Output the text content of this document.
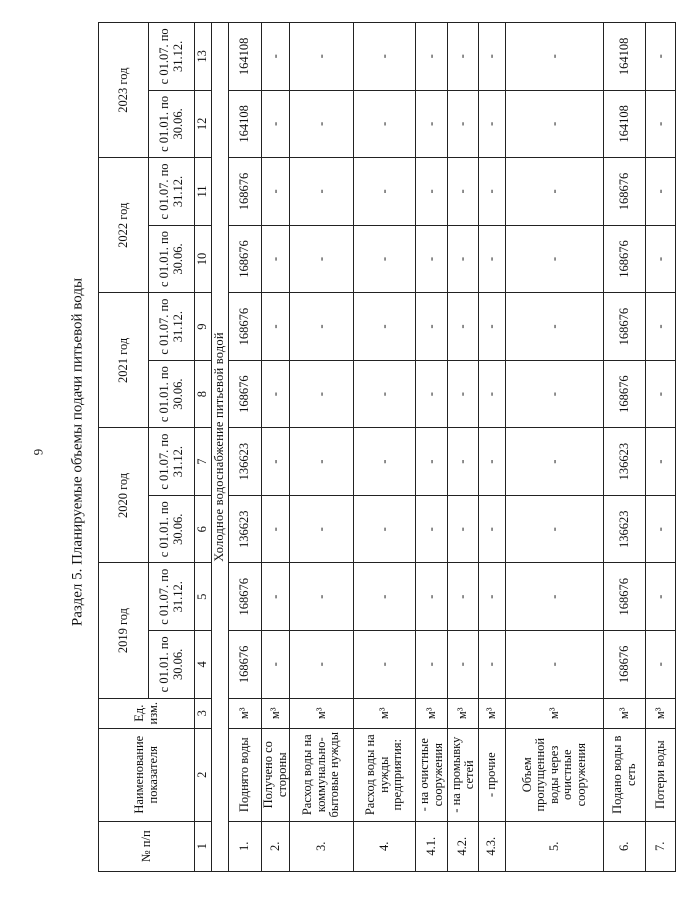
6 Раздел 5. Планируемые объемы подачи питьевой воды
№ п/п	Наименование показателя	Ед. изм.	2019 год		2020 год		2021 год		2022 год		2023 год	
			с 01.01. по 30.06.	с 01.07. по 31.12.	с 01.01. по 30.06.	с 01.07. по 31.12.	с 01.01. по 30.06.	с 01.07. по 31.12.	с 01.01. по 30.06.	с 01.07. по 31.12.	с 01.01. по 30.06.	с 01.07. по 31.12.
1	2	3	4	5	6	7	8	9	10	11	12	13
Холодное водоснабжение питьевой водой												
1.	Поднято воды	м³	168676	168676	136623	136623	168676	168676	168676	168676	164108	164108
2.	Получено со стороны	м³	-	-	-	-	-	-	-	-	-	-
3.	Расход воды на коммунально-бытовые нужды	м³	-	-	-	-	-	-	-	-	-	-
4.	Расход воды на нужды предприятия:	м³	-	-	-	-	-	-	-	-	-	-
4.1.	- на очистные сооружения	м³	-	-	-	-	-	-	-	-	-	-
4.2.	- на промывку сетей	м³	-	-	-	-	-	-	-	-	-	-
4.3.	- прочие	м³	-	-	-	-	-	-	-	-	-	-
5.	Объем пропущенной воды через очистные сооружения	м³	-	-	-	-	-	-	-	-	-	-
6.	Подано воды в сеть	м³	168676	168676	136623	136623	168676	168676	168676	168676	164108	164108
7.	Потери воды	м³	-	-	-	-	-	-	-	-	-	-
